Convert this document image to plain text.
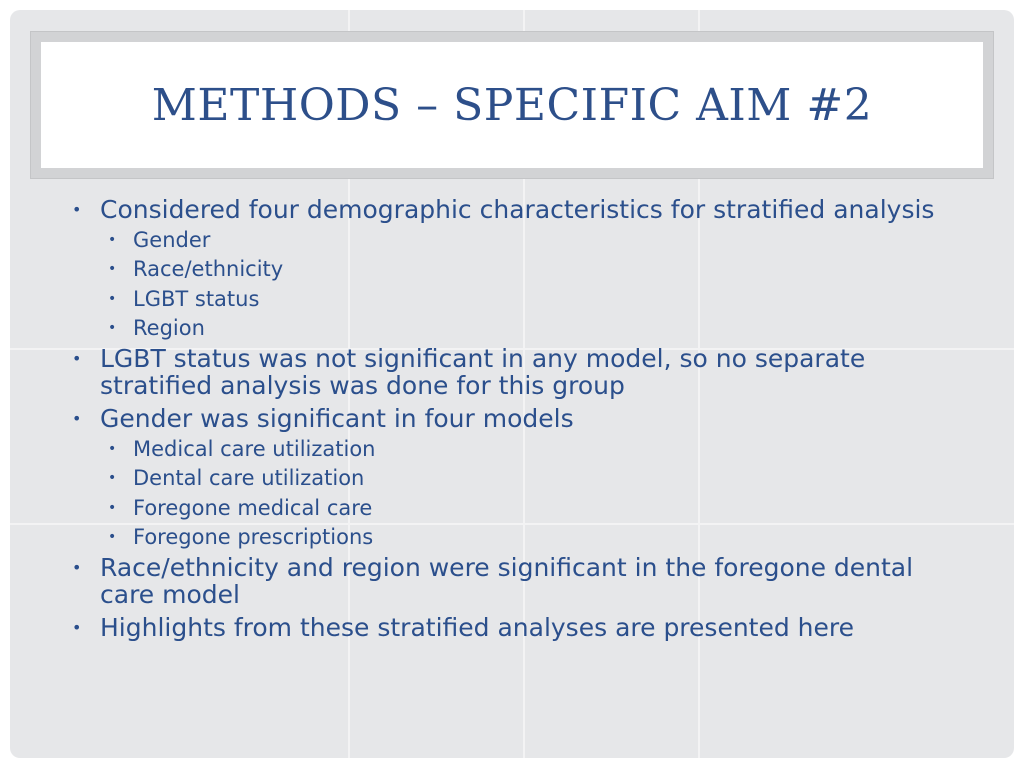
METHODS – SPECIFIC AIM #2
• Considered four demographic characteristics for stratified analysis
• Gender
• Race/ethnicity
• LGBT status
• Region
• LGBT status was not significant in any model, so no separate stratified analysis was done for this group
• Gender was significant in four models
• Medical care utilization
• Dental care utilization
• Foregone medical care
• Foregone prescriptions
• Race/ethnicity and region were significant in the foregone dental care model
• Highlights from these stratified analyses are presented here
